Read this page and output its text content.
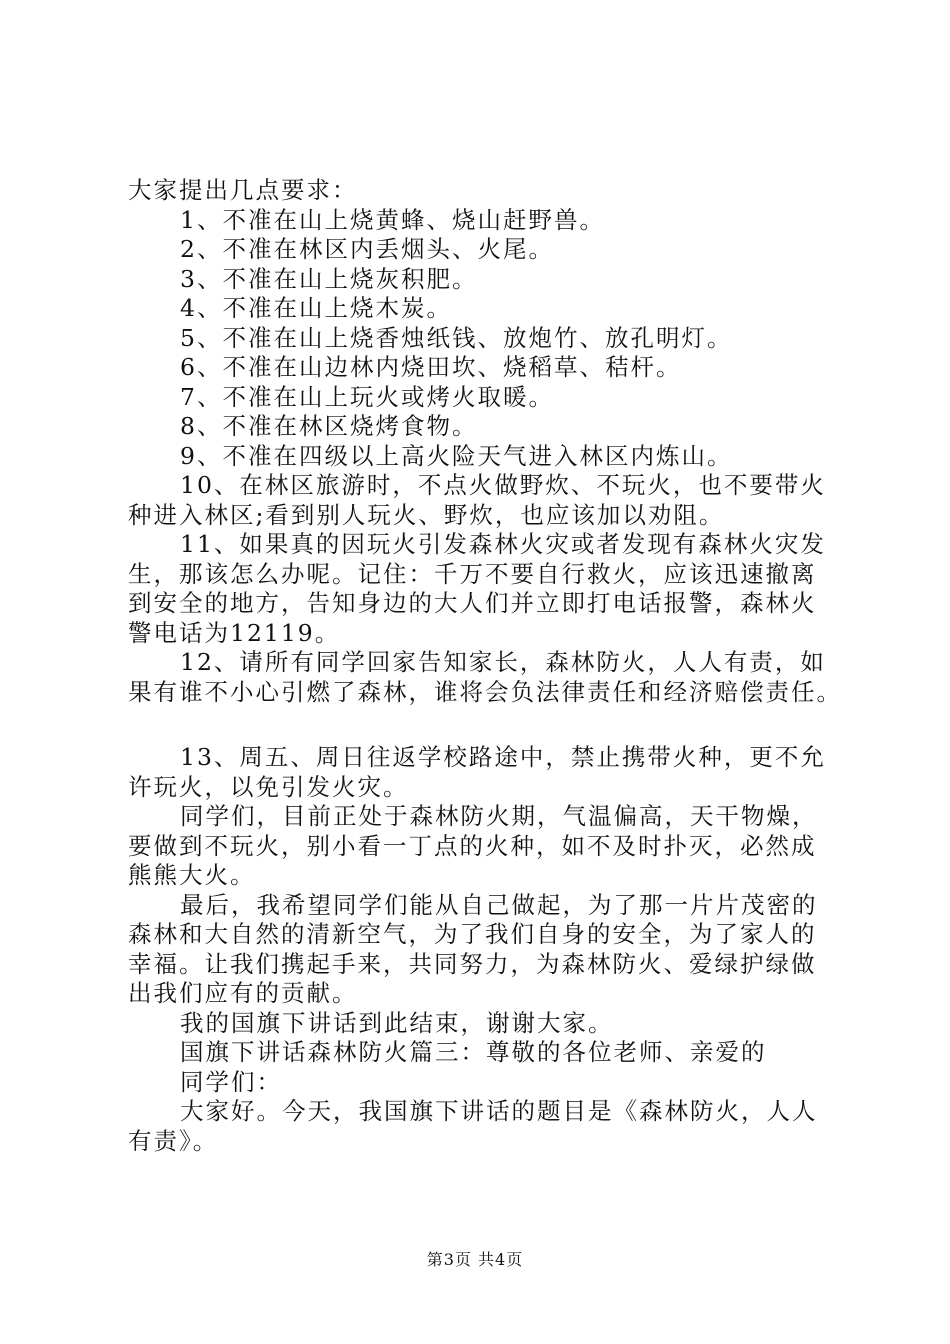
大家提出几点要求：

1、不准在山上烧黄蜂、烧山赶野兽。

2、不准在林区内丢烟头、火尾。

3、不准在山上烧灰积肥。

4、不准在山上烧木炭。

5、不准在山上烧香烛纸钱、放炮竹、放孔明灯。

6、不准在山边林内烧田坎、烧稻草、秸杆。

7、不准在山上玩火或烤火取暖。

8、不准在林区烧烤食物。

9、不准在四级以上高火险天气进入林区内炼山。

10、在林区旅游时，不点火做野炊、不玩火，也不要带火

种进入林区;看到别人玩火、野炊，也应该加以劝阻。

11、如果真的因玩火引发森林火灾或者发现有森林火灾发

生，那该怎么办呢。记住：千万不要自行救火，应该迅速撤离

到安全的地方，告知身边的大人们并立即打电话报警，森林火

警电话为12119。

12、请所有同学回家告知家长，森林防火，人人有责，如

果有谁不小心引燃了森林，谁将会负法律责任和经济赔偿责任。

13、周五、周日往返学校路途中，禁止携带火种，更不允

许玩火，以免引发火灾。

同学们，目前正处于森林防火期，气温偏高，天干物燥，

要做到不玩火，别小看一丁点的火种，如不及时扑灭，必然成

熊熊大火。

最后，我希望同学们能从自己做起，为了那一片片茂密的

森林和大自然的清新空气，为了我们自身的安全，为了家人的

幸福。让我们携起手来，共同努力，为森林防火、爱绿护绿做

出我们应有的贡献。

我的国旗下讲话到此结束，谢谢大家。

国旗下讲话森林防火篇三：尊敬的各位老师、亲爱的

同学们：

大家好。今天，我国旗下讲话的题目是《森林防火，人人

有责》。

第3页 共4页
